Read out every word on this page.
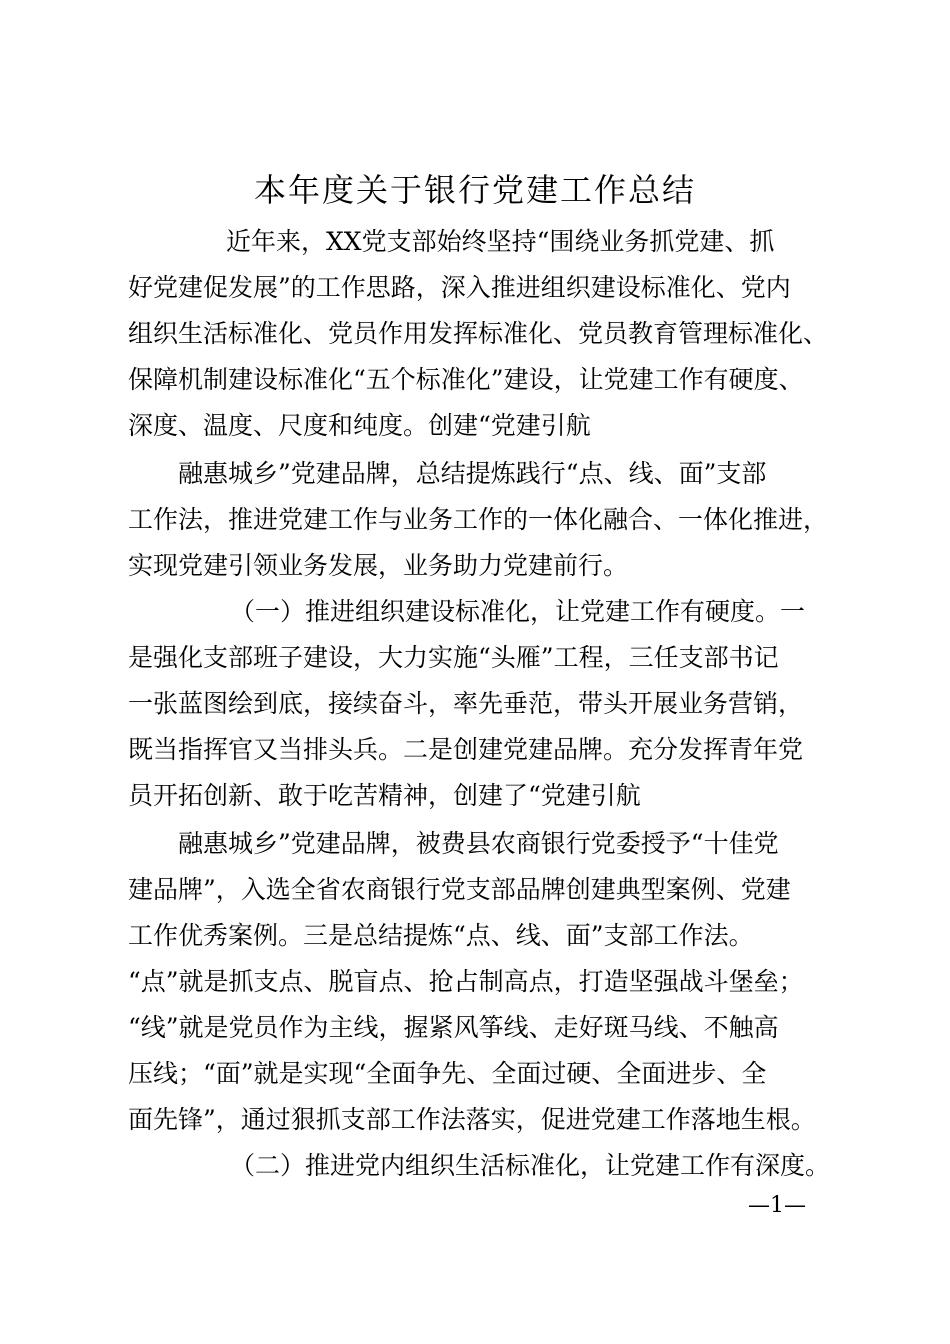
本年度关于银行党建工作总结
近年来，XX党支部始终坚持“围绕业务抓党建、抓
好党建促发展”的工作思路，深入推进组织建设标准化、党内
组织生活标准化、党员作用发挥标准化、党员教育管理标准化、
保障机制建设标准化“五个标准化”建设，让党建工作有硬度、
深度、温度、尺度和纯度。创建“党建引航
融惠城乡”党建品牌，总结提炼践行“点、线、面”支部
工作法，推进党建工作与业务工作的一体化融合、一体化推进，
实现党建引领业务发展，业务助力党建前行。
（一）推进组织建设标准化，让党建工作有硬度。一
是强化支部班子建设，大力实施“头雁”工程，三任支部书记
一张蓝图绘到底，接续奋斗，率先垂范，带头开展业务营销，
既当指挥官又当排头兵。二是创建党建品牌。充分发挥青年党
员开拓创新、敢于吃苦精神，创建了“党建引航
融惠城乡”党建品牌，被费县农商银行党委授予“十佳党
建品牌”，入选全省农商银行党支部品牌创建典型案例、党建
工作优秀案例。三是总结提炼“点、线、面”支部工作法。
“点”就是抓支点、脱盲点、抢占制高点，打造坚强战斗堡垒；
“线”就是党员作为主线，握紧风筝线、走好斑马线、不触高
压线；“面”就是实现“全面争先、全面过硬、全面进步、全
面先锋”，通过狠抓支部工作法落实，促进党建工作落地生根。
（二）推进党内组织生活标准化，让党建工作有深度。
—1—
